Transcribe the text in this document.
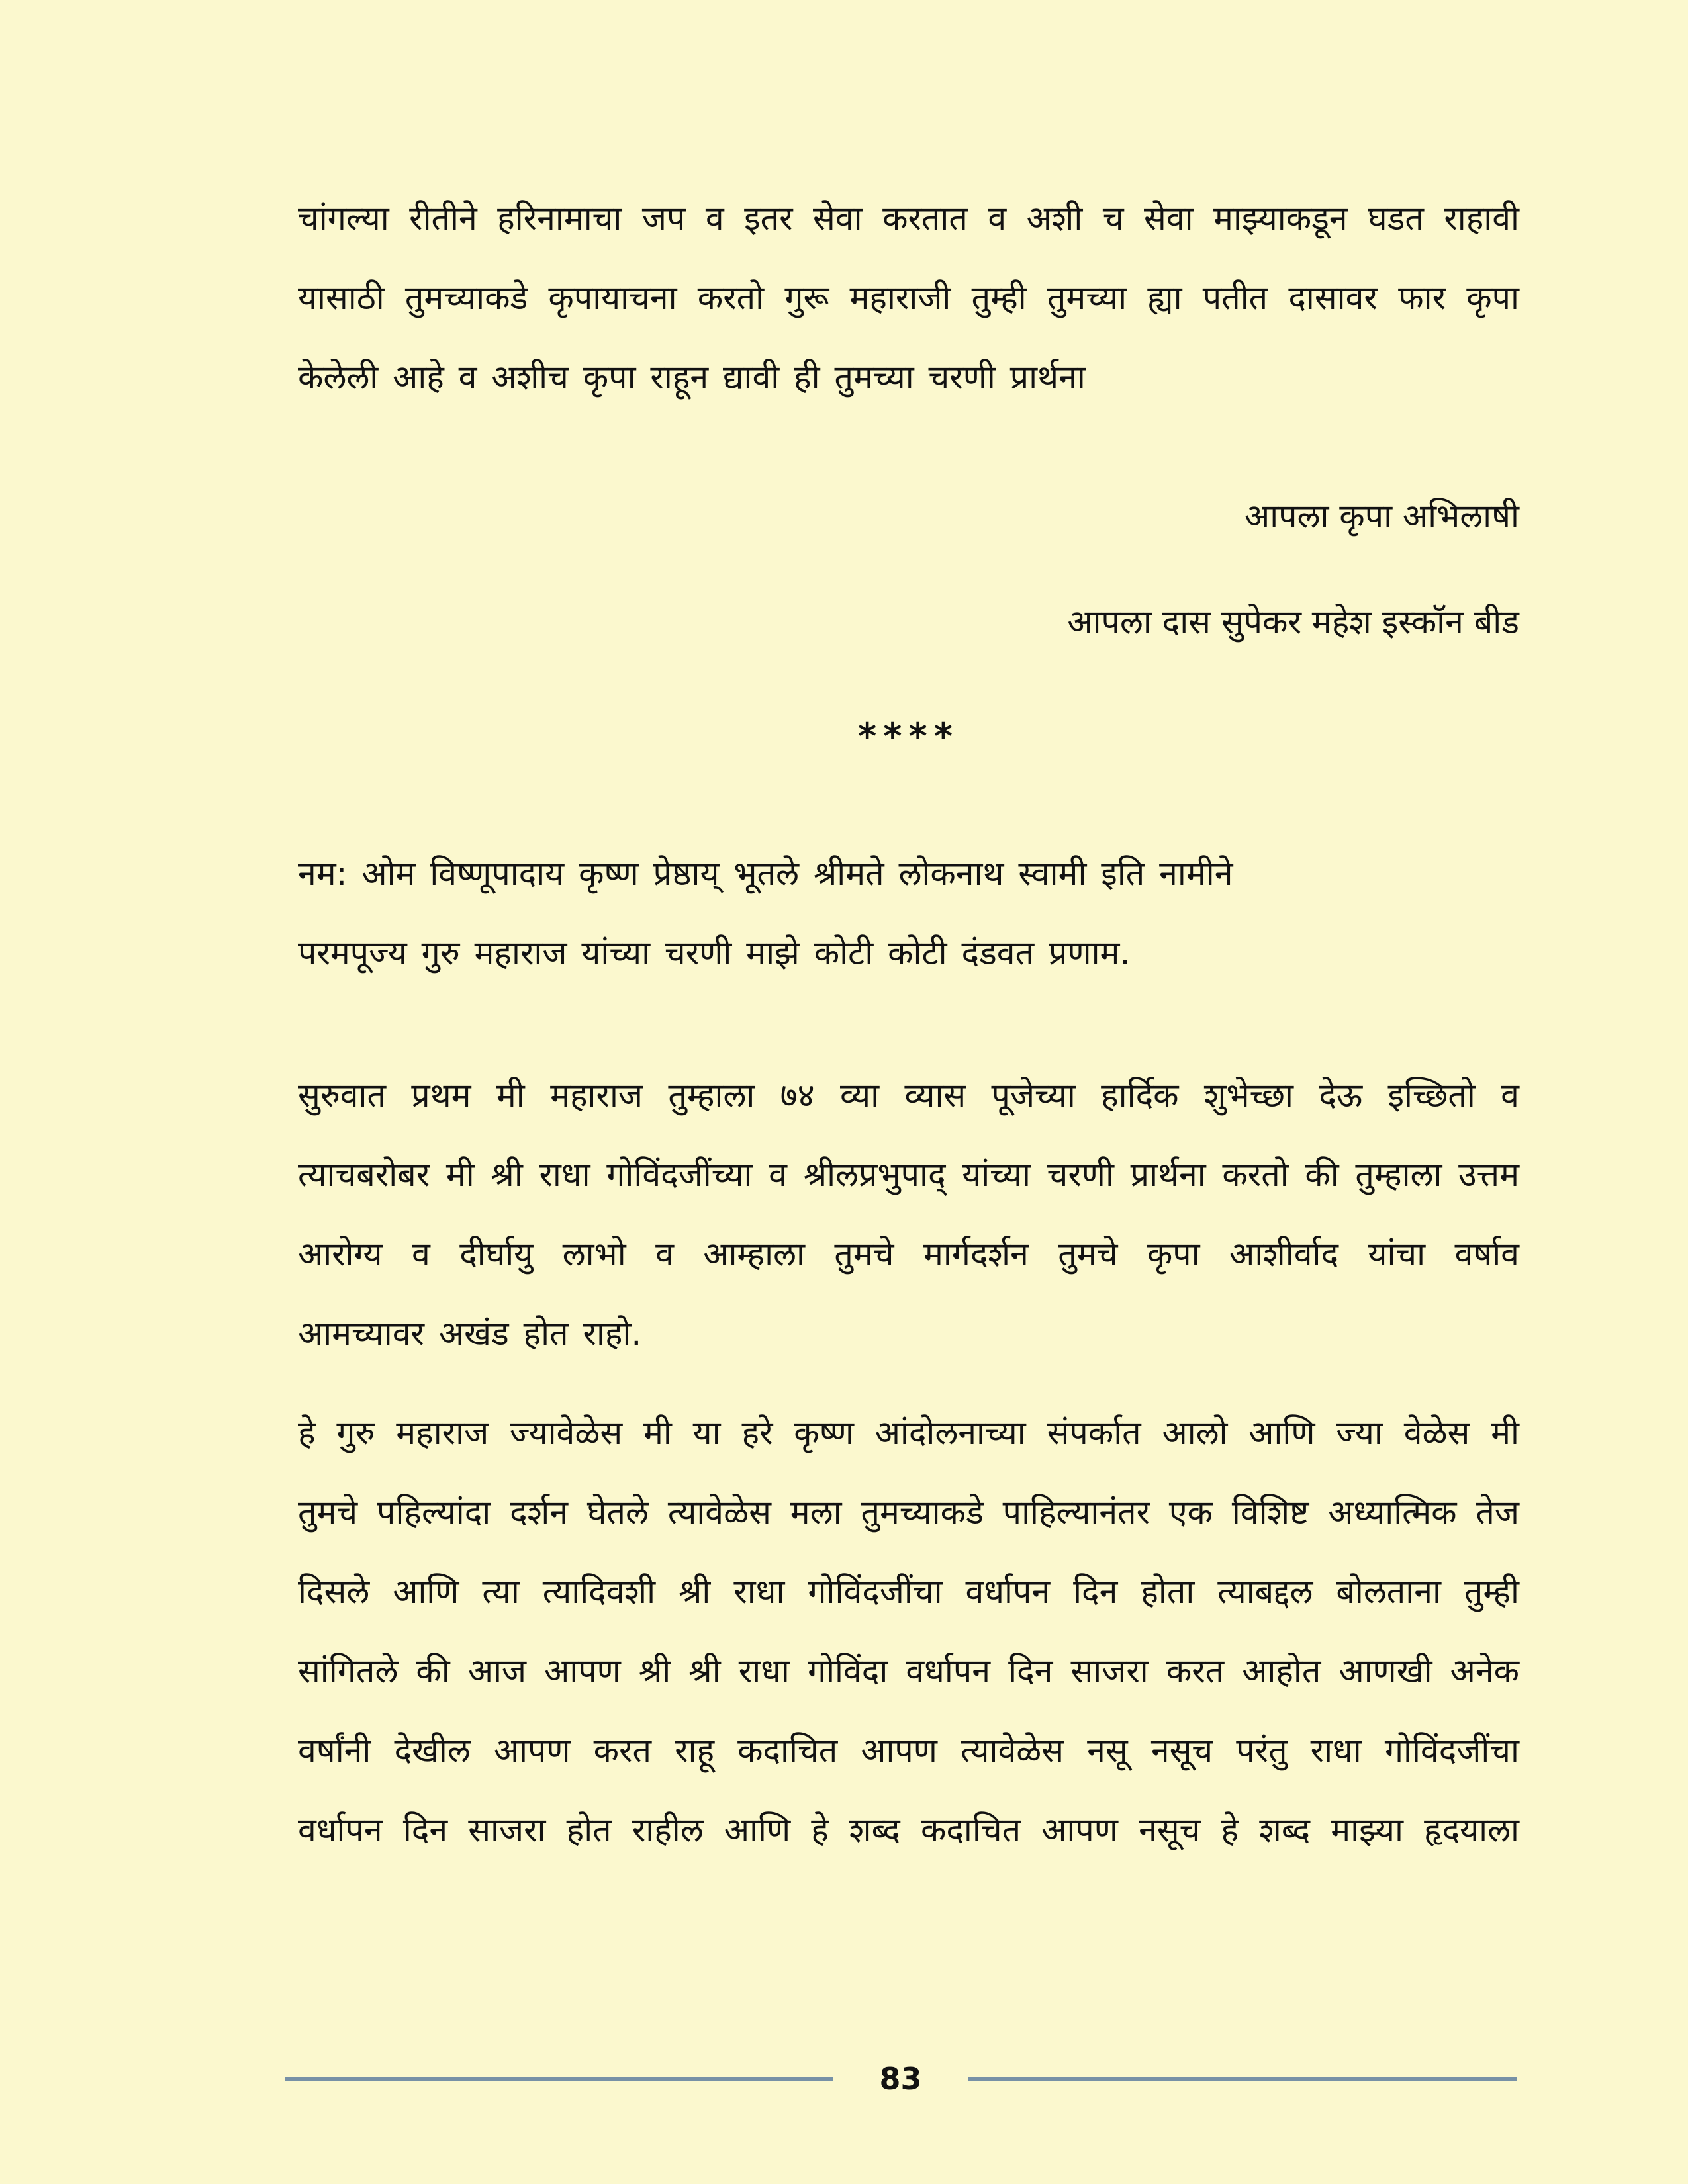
चांगल्या रीतीने हरिनामाचा जप व इतर सेवा करतात व अशी च सेवा माझ्याकडून घडत राहावी
यासाठी तुमच्याकडे कृपायाचना करतो गुरू महाराजी तुम्ही तुमच्या ह्या पतीत दासावर फार कृपा
केलेली आहे व अशीच कृपा राहून द्यावी ही तुमच्या चरणी प्रार्थना
आपला कृपा अभिलाषी
आपला दास सुपेकर महेश इस्कॉन बीड
****
नम: ओम विष्णूपादाय कृष्ण प्रेष्ठाय् भूतले श्रीमते लोकनाथ स्वामी इति नामीने
परमपूज्य गुरु महाराज यांच्या चरणी माझे कोटी कोटी दंडवत प्रणाम.
सुरुवात प्रथम मी महाराज तुम्हाला ७४ व्या व्यास पूजेच्या हार्दिक शुभेच्छा देऊ इच्छितो व
त्याचबरोबर मी श्री राधा गोविंदजींच्या व श्रीलप्रभुपाद् यांच्या चरणी प्रार्थना करतो की तुम्हाला उत्तम
आरोग्य व दीर्घायु लाभो व आम्हाला तुमचे मार्गदर्शन तुमचे कृपा आशीर्वाद यांचा वर्षाव
आमच्यावर अखंड होत राहो.
हे गुरु महाराज ज्यावेळेस मी या हरे कृष्ण आंदोलनाच्या संपर्कात आलो आणि ज्या वेळेस मी
तुमचे पहिल्यांदा दर्शन घेतले त्यावेळेस मला तुमच्याकडे पाहिल्यानंतर एक विशिष्ट अध्यात्मिक तेज
दिसले आणि त्या त्यादिवशी श्री राधा गोविंदजींचा वर्धापन दिन होता त्याबद्दल बोलताना तुम्ही
सांगितले की आज आपण श्री श्री राधा गोविंदा वर्धापन दिन साजरा करत आहोत आणखी अनेक
वर्षांनी देखील आपण करत राहू कदाचित आपण त्यावेळेस नसू नसूच परंतु राधा गोविंदजींचा
वर्धापन दिन साजरा होत राहील आणि हे शब्द कदाचित आपण नसूच हे शब्द माझ्या हृदयाला
83
